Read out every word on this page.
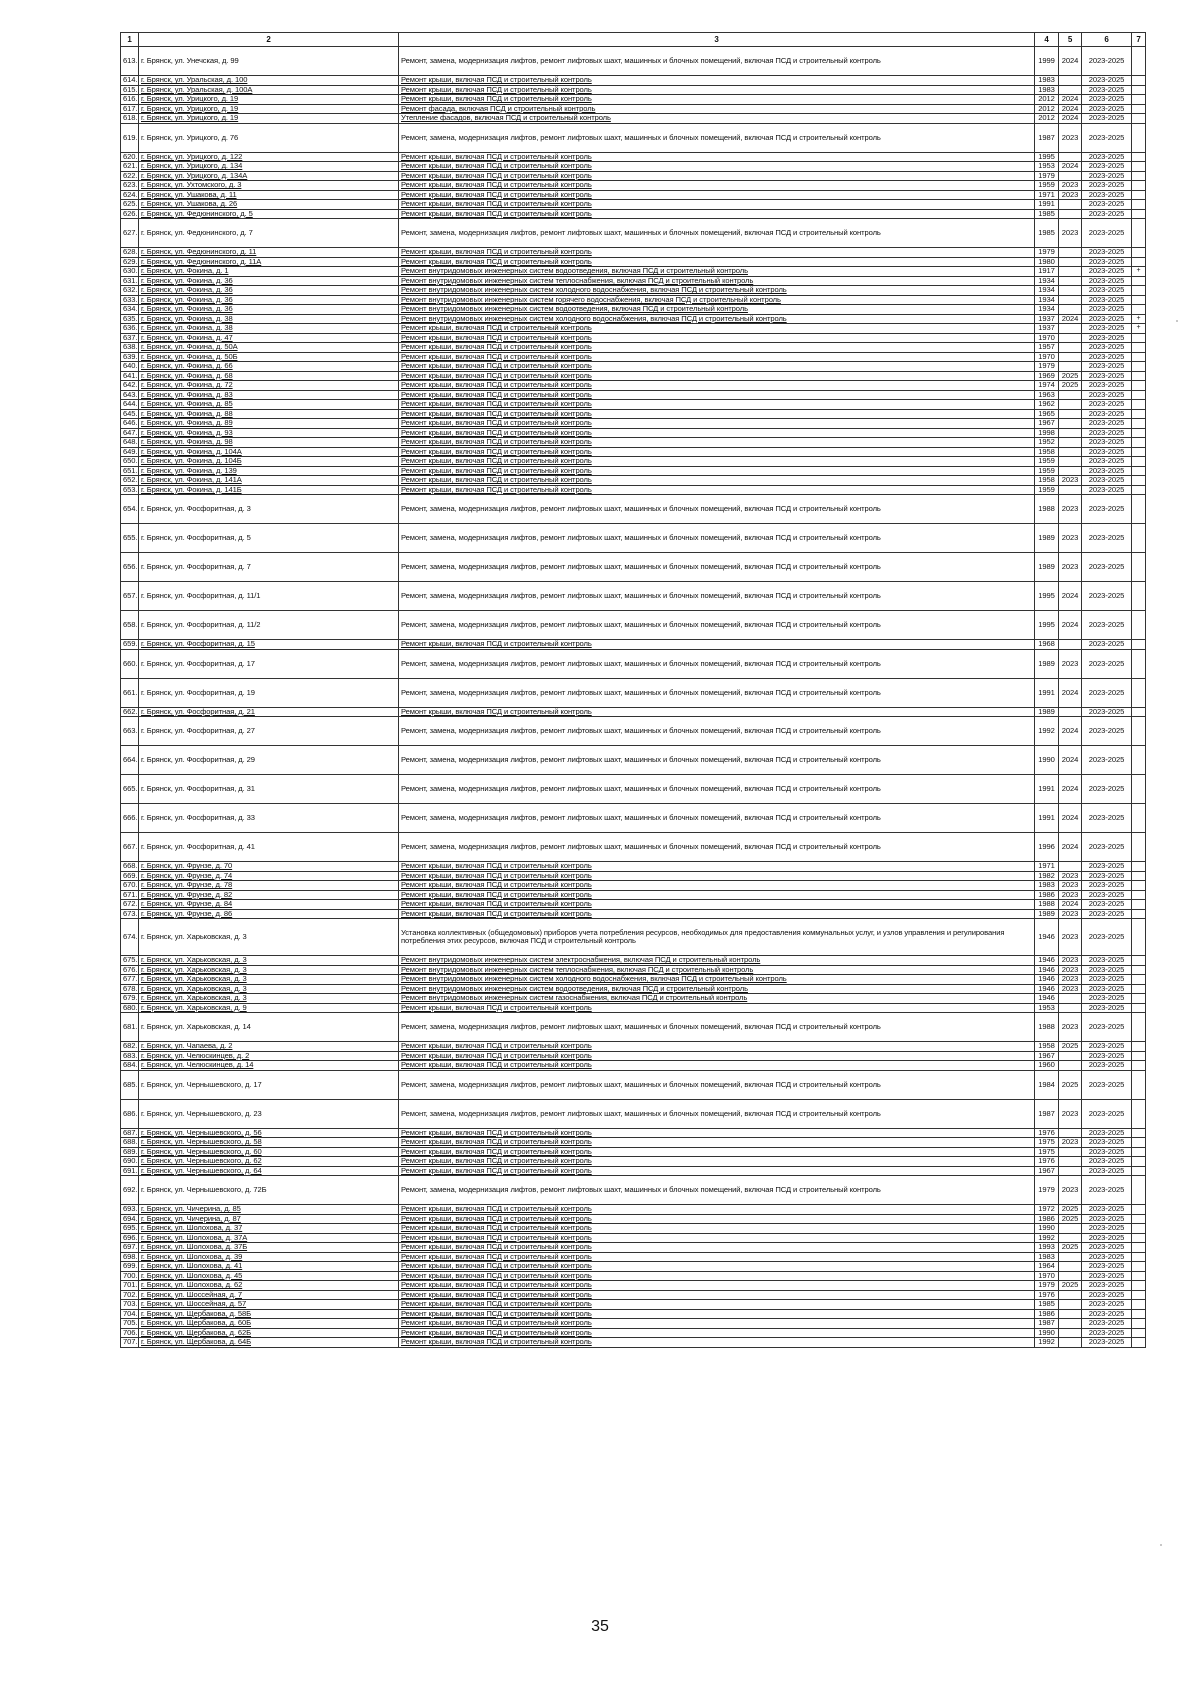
1	2	3	4	5	6	7
613.	г. Брянск, ул. Унечская, д. 99	Ремонт, замена, модернизация лифтов, ремонт лифтовых шахт, машинных и блочных помещений, включая ПСД и строительный контроль	1999	2024	2023-2025	
614.	г. Брянск, ул. Уральская, д. 100	Ремонт крыши, включая ПСД и строительный контроль	1983		2023-2025	
615.	г. Брянск, ул. Уральская, д. 100А	Ремонт крыши, включая ПСД и строительный контроль	1983		2023-2025	
616.	г. Брянск, ул. Урицкого, д. 19	Ремонт крыши, включая ПСД и строительный контроль	2012	2024	2023-2025	
617.	г. Брянск, ул. Урицкого, д. 19	Ремонт фасада, включая ПСД и строительный контроль	2012	2024	2023-2025	
618.	г. Брянск, ул. Урицкого, д. 19	Утепление фасадов, включая ПСД и строительный контроль	2012	2024	2023-2025	
619.	г. Брянск, ул. Урицкого, д. 76	Ремонт, замена, модернизация лифтов, ремонт лифтовых шахт, машинных и блочных помещений, включая ПСД и строительный контроль	1987	2023	2023-2025	
620.	г. Брянск, ул. Урицкого, д. 122	Ремонт крыши, включая ПСД и строительный контроль	1995		2023-2025	
621.	г. Брянск, ул. Урицкого, д. 134	Ремонт крыши, включая ПСД и строительный контроль	1953	2024	2023-2025	
622.	г. Брянск, ул. Урицкого, д. 134А	Ремонт крыши, включая ПСД и строительный контроль	1979		2023-2025	
623.	г. Брянск, ул. Ухтомского, д. 3	Ремонт крыши, включая ПСД и строительный контроль	1959	2023	2023-2025	
624.	г. Брянск, ул. Ушакова, д. 11	Ремонт крыши, включая ПСД и строительный контроль	1971	2023	2023-2025	
625.	г. Брянск, ул. Ушакова, д. 26	Ремонт крыши, включая ПСД и строительный контроль	1991		2023-2025	
626.	г. Брянск, ул. Федюнинского, д. 5	Ремонт крыши, включая ПСД и строительный контроль	1985		2023-2025	
627.	г. Брянск, ул. Федюнинского, д. 7	Ремонт, замена, модернизация лифтов, ремонт лифтовых шахт, машинных и блочных помещений, включая ПСД и строительный контроль	1985	2023	2023-2025	
628.	г. Брянск, ул. Федюнинского, д. 11	Ремонт крыши, включая ПСД и строительный контроль	1979		2023-2025	
629.	г. Брянск, ул. Федюнинского, д. 11А	Ремонт крыши, включая ПСД и строительный контроль	1980		2023-2025	
630.	г. Брянск, ул. Фокина, д. 1	Ремонт внутридомовых инженерных систем водоотведения, включая ПСД и строительный контроль	1917		2023-2025	+
631.	г. Брянск, ул. Фокина, д. 36	Ремонт внутридомовых инженерных систем теплоснабжения, включая ПСД и строительный контроль	1934		2023-2025	
632.	г. Брянск, ул. Фокина, д. 36	Ремонт внутридомовых инженерных систем холодного водоснабжения, включая ПСД и строительный контроль	1934		2023-2025	
633.	г. Брянск, ул. Фокина, д. 36	Ремонт внутридомовых инженерных систем горячего водоснабжения, включая ПСД и строительный контроль	1934		2023-2025	
634.	г. Брянск, ул. Фокина, д. 36	Ремонт внутридомовых инженерных систем водоотведения, включая ПСД и строительный контроль	1934		2023-2025	
635.	г. Брянск, ул. Фокина, д. 38	Ремонт внутридомовых инженерных систем холодного водоснабжения, включая ПСД и строительный контроль	1937	2024	2023-2025	+
636.	г. Брянск, ул. Фокина, д. 38	Ремонт крыши, включая ПСД и строительный контроль	1937		2023-2025	+
637.	г. Брянск, ул. Фокина, д. 47	Ремонт крыши, включая ПСД и строительный контроль	1970		2023-2025	
638.	г. Брянск, ул. Фокина, д. 50А	Ремонт крыши, включая ПСД и строительный контроль	1957		2023-2025	
639.	г. Брянск, ул. Фокина, д. 50Б	Ремонт крыши, включая ПСД и строительный контроль	1970		2023-2025	
640.	г. Брянск, ул. Фокина, д. 66	Ремонт крыши, включая ПСД и строительный контроль	1979		2023-2025	
641.	г. Брянск, ул. Фокина, д. 68	Ремонт крыши, включая ПСД и строительный контроль	1969	2025	2023-2025	
642.	г. Брянск, ул. Фокина, д. 72	Ремонт крыши, включая ПСД и строительный контроль	1974	2025	2023-2025	
643.	г. Брянск, ул. Фокина, д. 83	Ремонт крыши, включая ПСД и строительный контроль	1963		2023-2025	
644.	г. Брянск, ул. Фокина, д. 85	Ремонт крыши, включая ПСД и строительный контроль	1962		2023-2025	
645.	г. Брянск, ул. Фокина, д. 88	Ремонт крыши, включая ПСД и строительный контроль	1965		2023-2025	
646.	г. Брянск, ул. Фокина, д. 89	Ремонт крыши, включая ПСД и строительный контроль	1967		2023-2025	
647.	г. Брянск, ул. Фокина, д. 93	Ремонт крыши, включая ПСД и строительный контроль	1998		2023-2025	
648.	г. Брянск, ул. Фокина, д. 98	Ремонт крыши, включая ПСД и строительный контроль	1952		2023-2025	
649.	г. Брянск, ул. Фокина, д. 104А	Ремонт крыши, включая ПСД и строительный контроль	1958		2023-2025	
650.	г. Брянск, ул. Фокина, д. 104Б	Ремонт крыши, включая ПСД и строительный контроль	1959		2023-2025	
651.	г. Брянск, ул. Фокина, д. 139	Ремонт крыши, включая ПСД и строительный контроль	1959		2023-2025	
652.	г. Брянск, ул. Фокина, д. 141А	Ремонт крыши, включая ПСД и строительный контроль	1958	2023	2023-2025	
653.	г. Брянск, ул. Фокина, д. 141Б	Ремонт крыши, включая ПСД и строительный контроль	1959		2023-2025	
654.	г. Брянск, ул. Фосфоритная, д. 3	Ремонт, замена, модернизация лифтов, ремонт лифтовых шахт, машинных и блочных помещений, включая ПСД и строительный контроль	1988	2023	2023-2025	
655.	г. Брянск, ул. Фосфоритная, д. 5	Ремонт, замена, модернизация лифтов, ремонт лифтовых шахт, машинных и блочных помещений, включая ПСД и строительный контроль	1989	2023	2023-2025	
656.	г. Брянск, ул. Фосфоритная, д. 7	Ремонт, замена, модернизация лифтов, ремонт лифтовых шахт, машинных и блочных помещений, включая ПСД и строительный контроль	1989	2023	2023-2025	
657.	г. Брянск, ул. Фосфоритная, д. 11/1	Ремонт, замена, модернизация лифтов, ремонт лифтовых шахт, машинных и блочных помещений, включая ПСД и строительный контроль	1995	2024	2023-2025	
658.	г. Брянск, ул. Фосфоритная, д. 11/2	Ремонт, замена, модернизация лифтов, ремонт лифтовых шахт, машинных и блочных помещений, включая ПСД и строительный контроль	1995	2024	2023-2025	
659.	г. Брянск, ул. Фосфоритная, д. 15	Ремонт крыши, включая ПСД и строительный контроль	1968		2023-2025	
660.	г. Брянск, ул. Фосфоритная, д. 17	Ремонт, замена, модернизация лифтов, ремонт лифтовых шахт, машинных и блочных помещений, включая ПСД и строительный контроль	1989	2023	2023-2025	
661.	г. Брянск, ул. Фосфоритная, д. 19	Ремонт, замена, модернизация лифтов, ремонт лифтовых шахт, машинных и блочных помещений, включая ПСД и строительный контроль	1991	2024	2023-2025	
662.	г. Брянск, ул. Фосфоритная, д. 21	Ремонт крыши, включая ПСД и строительный контроль	1989		2023-2025	
663.	г. Брянск, ул. Фосфоритная, д. 27	Ремонт, замена, модернизация лифтов, ремонт лифтовых шахт, машинных и блочных помещений, включая ПСД и строительный контроль	1992	2024	2023-2025	
664.	г. Брянск, ул. Фосфоритная, д. 29	Ремонт, замена, модернизация лифтов, ремонт лифтовых шахт, машинных и блочных помещений, включая ПСД и строительный контроль	1990	2024	2023-2025	
665.	г. Брянск, ул. Фосфоритная, д. 31	Ремонт, замена, модернизация лифтов, ремонт лифтовых шахт, машинных и блочных помещений, включая ПСД и строительный контроль	1991	2024	2023-2025	
666.	г. Брянск, ул. Фосфоритная, д. 33	Ремонт, замена, модернизация лифтов, ремонт лифтовых шахт, машинных и блочных помещений, включая ПСД и строительный контроль	1991	2024	2023-2025	
667.	г. Брянск, ул. Фосфоритная, д. 41	Ремонт, замена, модернизация лифтов, ремонт лифтовых шахт, машинных и блочных помещений, включая ПСД и строительный контроль	1996	2024	2023-2025	
668.	г. Брянск, ул. Фрунзе, д. 70	Ремонт крыши, включая ПСД и строительный контроль	1971		2023-2025	
669.	г. Брянск, ул. Фрунзе, д. 74	Ремонт крыши, включая ПСД и строительный контроль	1982	2023	2023-2025	
670.	г. Брянск, ул. Фрунзе, д. 78	Ремонт крыши, включая ПСД и строительный контроль	1983	2023	2023-2025	
671.	г. Брянск, ул. Фрунзе, д. 82	Ремонт крыши, включая ПСД и строительный контроль	1986	2023	2023-2025	
672.	г. Брянск, ул. Фрунзе, д. 84	Ремонт крыши, включая ПСД и строительный контроль	1988	2024	2023-2025	
673.	г. Брянск, ул. Фрунзе, д. 86	Ремонт крыши, включая ПСД и строительный контроль	1989	2023	2023-2025	
674.	г. Брянск, ул. Харьковская, д. 3	Установка коллективных (общедомовых) приборов учета потребления ресурсов, необходимых для предоставления коммунальных услуг, и узлов управления и регулирования потребления этих ресурсов, включая ПСД и строительный контроль	1946	2023	2023-2025	
675.	г. Брянск, ул. Харьковская, д. 3	Ремонт внутридомовых инженерных систем электроснабжения, включая ПСД и строительный контроль	1946	2023	2023-2025	
676.	г. Брянск, ул. Харьковская, д. 3	Ремонт внутридомовых инженерных систем теплоснабжения, включая ПСД и строительный контроль	1946	2023	2023-2025	
677.	г. Брянск, ул. Харьковская, д. 3	Ремонт внутридомовых инженерных систем холодного водоснабжения, включая ПСД и строительный контроль	1946	2023	2023-2025	
678.	г. Брянск, ул. Харьковская, д. 3	Ремонт внутридомовых инженерных систем водоотведения, включая ПСД и строительный контроль	1946	2023	2023-2025	
679.	г. Брянск, ул. Харьковская, д. 3	Ремонт внутридомовых инженерных систем газоснабжения, включая ПСД и строительный контроль	1946		2023-2025	
680.	г. Брянск, ул. Харьковская, д. 9	Ремонт крыши, включая ПСД и строительный контроль	1953		2023-2025	
681.	г. Брянск, ул. Харьковская, д. 14	Ремонт, замена, модернизация лифтов, ремонт лифтовых шахт, машинных и блочных помещений, включая ПСД и строительный контроль	1988	2023	2023-2025	
682.	г. Брянск, ул. Чапаева, д. 2	Ремонт крыши, включая ПСД и строительный контроль	1958	2025	2023-2025	
683.	г. Брянск, ул. Челюскинцев, д. 2	Ремонт крыши, включая ПСД и строительный контроль	1967		2023-2025	
684.	г. Брянск, ул. Челюскинцев, д. 14	Ремонт крыши, включая ПСД и строительный контроль	1960		2023-2025	
685.	г. Брянск, ул. Чернышевского, д. 17	Ремонт, замена, модернизация лифтов, ремонт лифтовых шахт, машинных и блочных помещений, включая ПСД и строительный контроль	1984	2025	2023-2025	
686.	г. Брянск, ул. Чернышевского, д. 23	Ремонт, замена, модернизация лифтов, ремонт лифтовых шахт, машинных и блочных помещений, включая ПСД и строительный контроль	1987	2023	2023-2025	
687.	г. Брянск, ул. Чернышевского, д. 56	Ремонт крыши, включая ПСД и строительный контроль	1976		2023-2025	
688.	г. Брянск, ул. Чернышевского, д. 58	Ремонт крыши, включая ПСД и строительный контроль	1975	2023	2023-2025	
689.	г. Брянск, ул. Чернышевского, д. 60	Ремонт крыши, включая ПСД и строительный контроль	1975		2023-2025	
690.	г. Брянск, ул. Чернышевского, д. 62	Ремонт крыши, включая ПСД и строительный контроль	1976		2023-2025	
691.	г. Брянск, ул. Чернышевского, д. 64	Ремонт крыши, включая ПСД и строительный контроль	1967		2023-2025	
692.	г. Брянск, ул. Чернышевского, д. 72Б	Ремонт, замена, модернизация лифтов, ремонт лифтовых шахт, машинных и блочных помещений, включая ПСД и строительный контроль	1979	2023	2023-2025	
693.	г. Брянск, ул. Чичерина, д. 85	Ремонт крыши, включая ПСД и строительный контроль	1972	2025	2023-2025	
694.	г. Брянск, ул. Чичерина, д. 87	Ремонт крыши, включая ПСД и строительный контроль	1986	2025	2023-2025	
695.	г. Брянск, ул. Шолохова, д. 37	Ремонт крыши, включая ПСД и строительный контроль	1990		2023-2025	
696.	г. Брянск, ул. Шолохова, д. 37А	Ремонт крыши, включая ПСД и строительный контроль	1992		2023-2025	
697.	г. Брянск, ул. Шолохова, д. 37Б	Ремонт крыши, включая ПСД и строительный контроль	1993	2025	2023-2025	
698.	г. Брянск, ул. Шолохова, д. 39	Ремонт крыши, включая ПСД и строительный контроль	1983		2023-2025	
699.	г. Брянск, ул. Шолохова, д. 41	Ремонт крыши, включая ПСД и строительный контроль	1964		2023-2025	
700.	г. Брянск, ул. Шолохова, д. 45	Ремонт крыши, включая ПСД и строительный контроль	1970		2023-2025	
701.	г. Брянск, ул. Шолохова, д. 62	Ремонт крыши, включая ПСД и строительный контроль	1979	2025	2023-2025	
702.	г. Брянск, ул. Шоссейная, д. 7	Ремонт крыши, включая ПСД и строительный контроль	1976		2023-2025	
703.	г. Брянск, ул. Шоссейная, д. 57	Ремонт крыши, включая ПСД и строительный контроль	1985		2023-2025	
704.	г. Брянск, ул. Щербакова, д. 58Б	Ремонт крыши, включая ПСД и строительный контроль	1986		2023-2025	
705.	г. Брянск, ул. Щербакова, д. 60Б	Ремонт крыши, включая ПСД и строительный контроль	1987		2023-2025	
706.	г. Брянск, ул. Щербакова, д. 62Б	Ремонт крыши, включая ПСД и строительный контроль	1990		2023-2025	
707.	г. Брянск, ул. Щербакова, д. 64Б	Ремонт крыши, включая ПСД и строительный контроль	1992		2023-2025	
35
